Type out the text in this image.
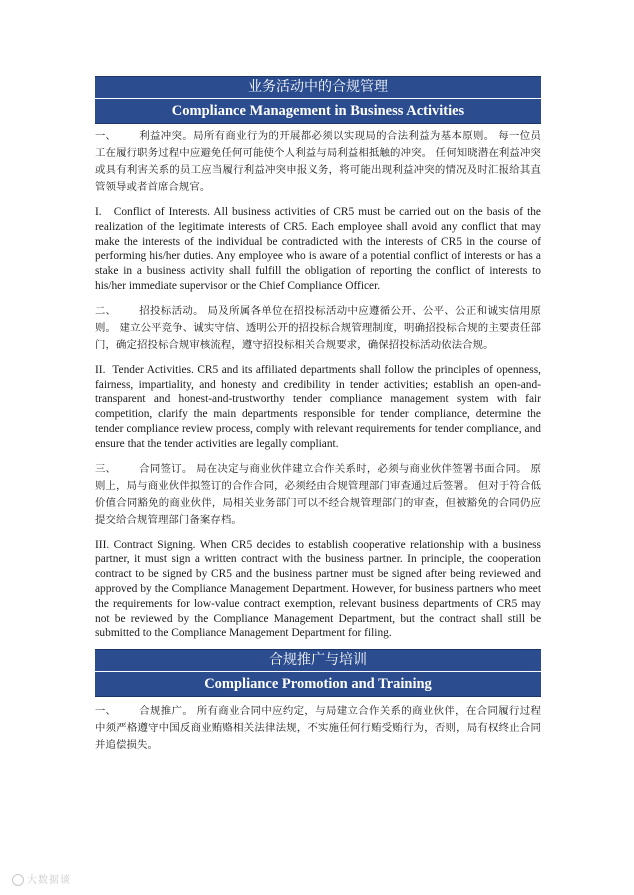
业务活动中的合规管理
Compliance Management in Business Activities

一、 利益冲突。局所有商业行为的开展都必须以实现局的合法利益为基本原则。 每一位员工在履行职务过程中应避免任何可能使个人利益与局利益相抵触的冲突。 任何知晓潜在利益冲突或具有利害关系的员工应当履行利益冲突申报义务，将可能出现利益冲突的情况及时汇报给其直管领导或者首席合规官。

I.   Conflict of Interests. All business activities of CR5 must be carried out on the basis of the realization of the legitimate interests of CR5. Each employee shall avoid any conflict that may make the interests of the individual be contradicted with the interests of CR5 in the course of performing his/her duties. Any employee who is aware of a potential conflict of interests or has a stake in a business activity shall fulfill the obligation of reporting the conflict of interests to his/her immediate supervisor or the Chief Compliance Officer.

二、 招投标活动。 局及所属各单位在招投标活动中应遵循公开、公平、公正和诚实信用原则。 建立公平竞争、诚实守信、透明公开的招投标合规管理制度，明确招投标合规的主要责任部门，确定招投标合规审核流程，遵守招投标相关合规要求，确保招投标活动依法合规。

II.  Tender Activities. CR5 and its affiliated departments shall follow the principles of openness, fairness, impartiality, and honesty and credibility in tender activities; establish an open-and-transparent and honest-and-trustworthy tender compliance management system with fair competition, clarify the main departments responsible for tender compliance, determine the tender compliance review process, comply with relevant requirements for tender compliance, and ensure that the tender activities are legally compliant.

三、 合同签订。 局在决定与商业伙伴建立合作关系时，必须与商业伙伴签署书面合同。 原则上，局与商业伙伴拟签订的合作合同，必须经由合规管理部门审查通过后签署。 但对于符合低价值合同豁免的商业伙伴，局相关业务部门可以不经合规管理部门的审查，但被豁免的合同仍应提交给合规管理部门备案存档。

III. Contract Signing. When CR5 decides to establish cooperative relationship with a business partner, it must sign a written contract with the business partner. In principle, the cooperation contract to be signed by CR5 and the business partner must be signed after being reviewed and approved by the Compliance Management Department. However, for business partners who meet the requirements for low-value contract exemption, relevant business departments of CR5 may not be reviewed by the Compliance Management Department, but the contract shall still be submitted to the Compliance Management Department for filing.

合规推广与培训
Compliance Promotion and Training

一、 合规推广。 所有商业合同中应约定，与局建立合作关系的商业伙伴，在合同履行过程中须严格遵守中国反商业贿赂相关法律法规，不实施任何行贿受贿行为，否则，局有权终止合同并追偿损失。

大数据谈
